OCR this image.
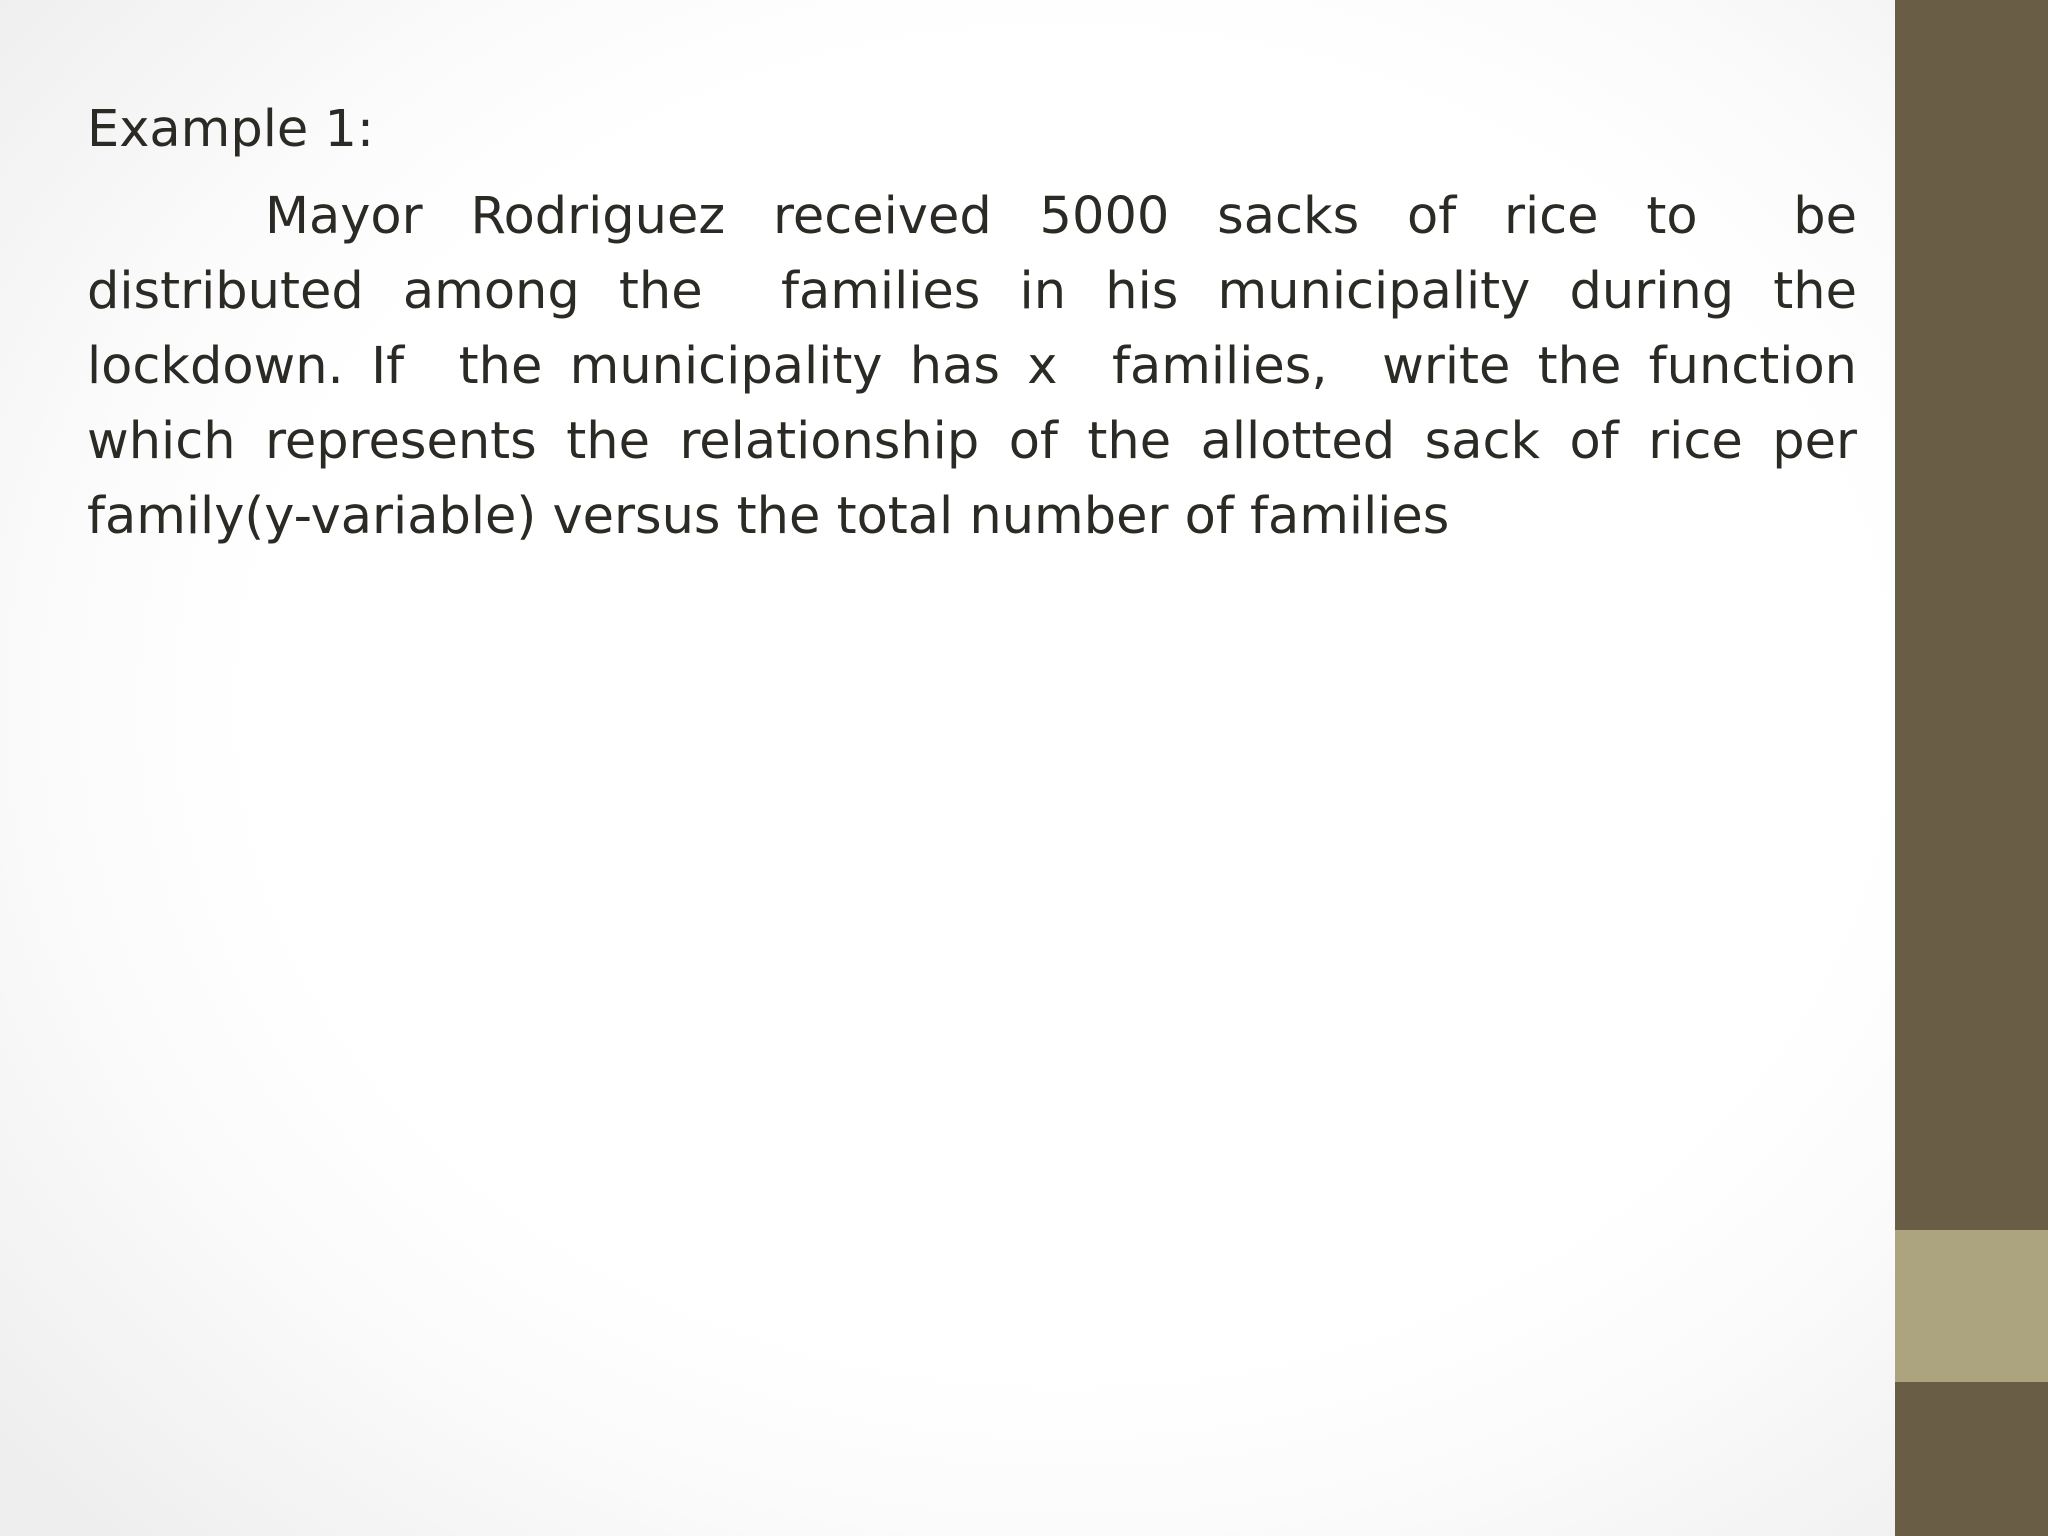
Example 1:

Mayor Rodriguez received 5000 sacks of rice to  be distributed among the  families in his municipality during the lockdown. If  the municipality has x  families,  write the function which represents the relationship of the allotted sack of rice per family(y-variable) versus the total number of families
